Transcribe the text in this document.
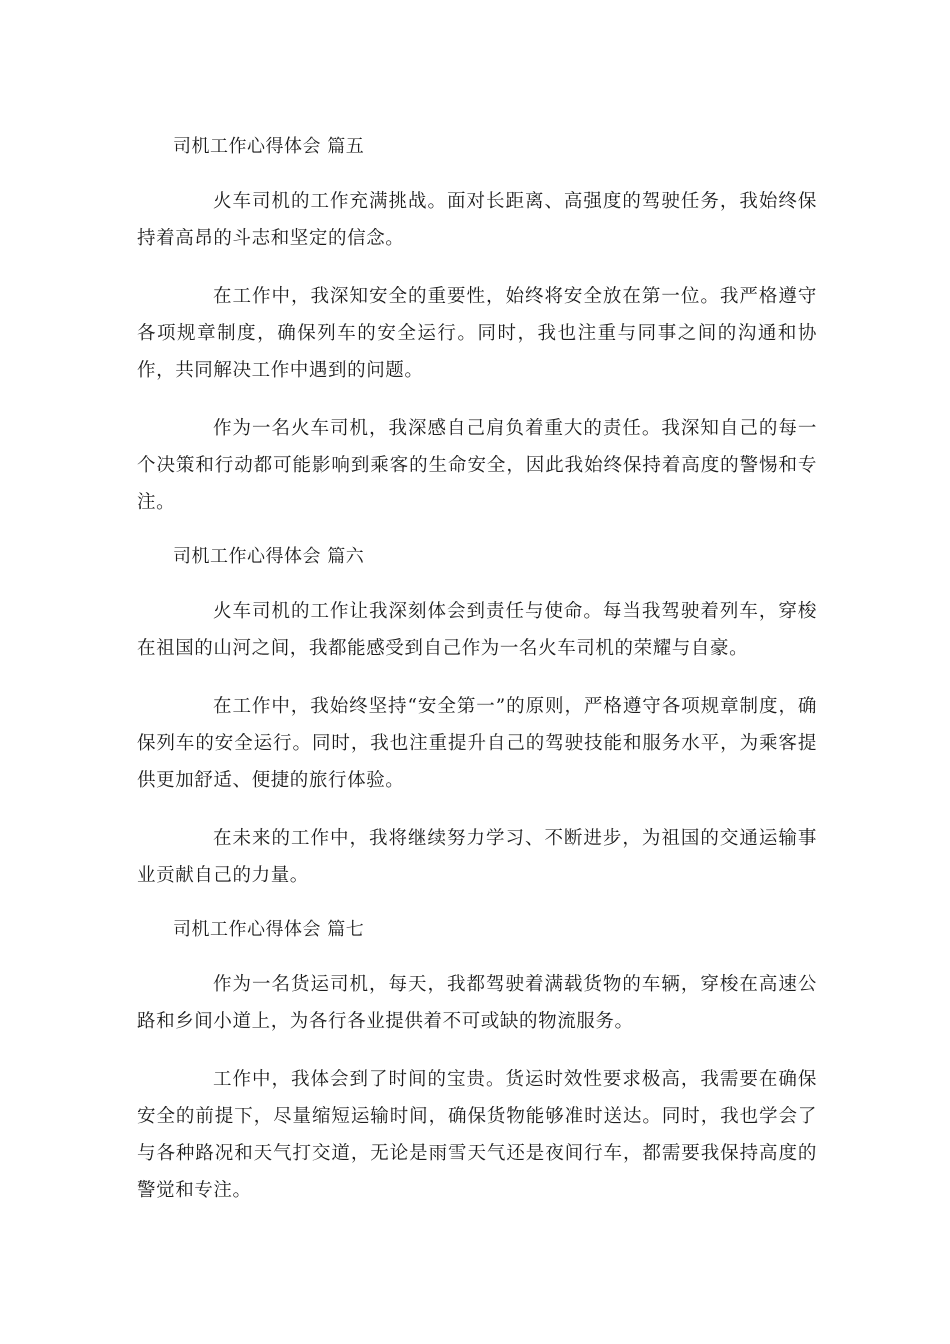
司机工作心得体会 篇五

火车司机的工作充满挑战。面对长距离、高强度的驾驶任务，我始终保持着高昂的斗志和坚定的信念。

在工作中，我深知安全的重要性，始终将安全放在第一位。我严格遵守各项规章制度，确保列车的安全运行。同时，我也注重与同事之间的沟通和协作，共同解决工作中遇到的问题。

作为一名火车司机，我深感自己肩负着重大的责任。我深知自己的每一个决策和行动都可能影响到乘客的生命安全，因此我始终保持着高度的警惕和专注。

司机工作心得体会 篇六

火车司机的工作让我深刻体会到责任与使命。每当我驾驶着列车，穿梭在祖国的山河之间，我都能感受到自己作为一名火车司机的荣耀与自豪。

在工作中，我始终坚持“安全第一”的原则，严格遵守各项规章制度，确保列车的安全运行。同时，我也注重提升自己的驾驶技能和服务水平，为乘客提供更加舒适、便捷的旅行体验。

在未来的工作中，我将继续努力学习、不断进步，为祖国的交通运输事业贡献自己的力量。

司机工作心得体会 篇七

作为一名货运司机，每天，我都驾驶着满载货物的车辆，穿梭在高速公路和乡间小道上，为各行各业提供着不可或缺的物流服务。

工作中，我体会到了时间的宝贵。货运时效性要求极高，我需要在确保安全的前提下，尽量缩短运输时间，确保货物能够准时送达。同时，我也学会了与各种路况和天气打交道，无论是雨雪天气还是夜间行车，都需要我保持高度的警觉和专注。
